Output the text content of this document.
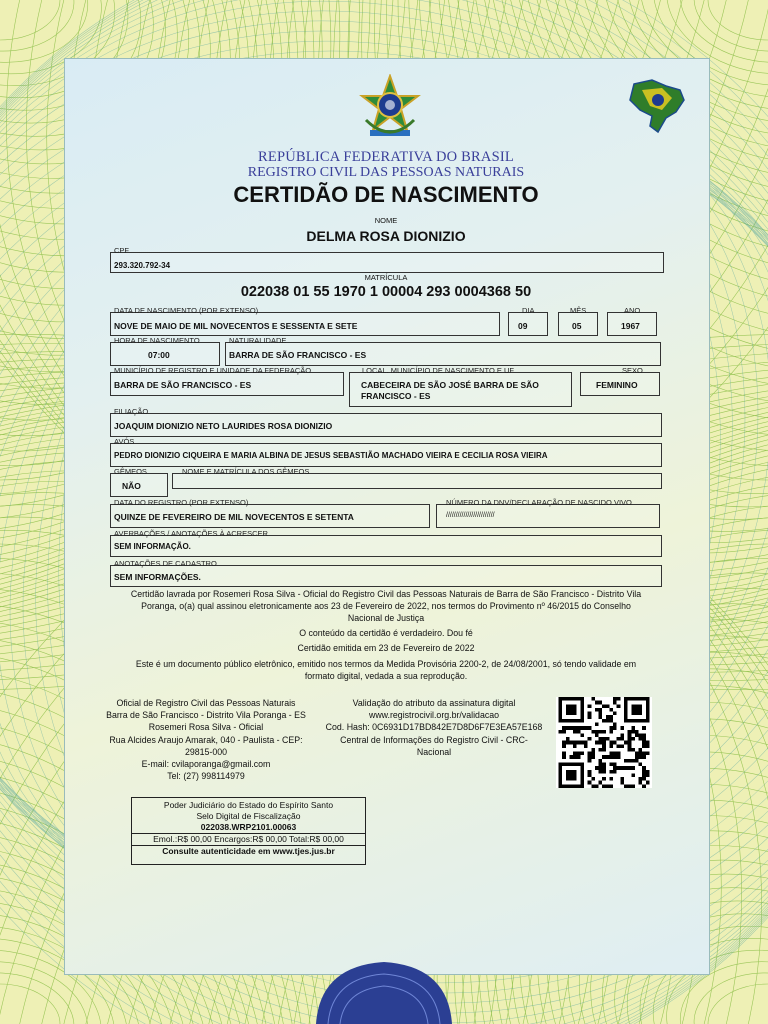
REPÚBLICA FEDERATIVA DO BRASIL
REGISTRO CIVIL DAS PESSOAS NATURAIS
CERTIDÃO DE NASCIMENTO
NOME
DELMA ROSA DIONIZIO
CPF
293.320.792-34
MATRÍCULA
022038 01 55 1970 1 00004 293 0004368 50
DATA DE NASCIMENTO (POR EXTENSO)
NOVE DE MAIO DE MIL NOVECENTOS E SESSENTA E SETE
DIA
09
MÊS
05
ANO
1967
HORA DE NASCIMENTO
07:00
NATURALIDADE
BARRA DE SÃO FRANCISCO - ES
MUNICÍPIO DE REGISTRO E UNIDADE DA FEDERAÇÃO
BARRA DE SÃO FRANCISCO - ES
LOCAL. MUNICÍPIO DE NASCIMENTO E UF
CABECEIRA DE SÃO JOSÉ BARRA DE SÃO
FRANCISCO - ES
SEXO
FEMININO
FILIAÇÃO
JOAQUIM DIONIZIO NETO LAURIDES ROSA DIONIZIO
AVÓS
PEDRO DIONIZIO CIQUEIRA E MARIA ALBINA DE JESUS SEBASTIÃO MACHADO VIEIRA E CECILIA ROSA VIEIRA
GÊMEOS
NÃO
NOME E MATRÍCULA DOS GÊMEOS
DATA DO REGISTRO (POR EXTENSO)
QUINZE DE FEVEREIRO DE MIL NOVECENTOS E SETENTA
NÚMERO DA DNV/DECLARAÇÃO DE NASCIDO VIVO
/////////////////////////
AVERBAÇÕES / ANOTAÇÕES À ACRESCER
SEM INFORMAÇÃO.
ANOTAÇÕES DE CADASTRO
SEM INFORMAÇÕES.
Certidão lavrada por Rosemeri Rosa Silva - Oficial do Registro Civil das Pessoas Naturais de Barra de São Francisco - Distrito Vila
Poranga, o(a) qual assinou eletronicamente aos 23 de Fevereiro de 2022, nos termos do Provimento nº 46/2015 do Conselho
Nacional de Justiça
O conteúdo da certidão é verdadeiro. Dou fé
Certidão emitida em 23 de Fevereiro de 2022
Este é um documento público eletrônico, emitido nos termos da Medida Provisória 2200-2, de 24/08/2001, só tendo validade em
formato digital, vedada a sua reprodução.
Oficial de Registro Civil das Pessoas Naturais
Barra de São Francisco - Distrito Vila Poranga - ES
Rosemeri Rosa Silva - Oficial
Rua Alcides Araujo Amarak, 040 - Paulista - CEP:
29815-000
E-mail: cvilaporanga@gmail.com
Tel: (27) 998114979
Validação do atributo da assinatura digital
www.registrocivil.org.br/validacao
Cod. Hash: 0C6931D17BD842E7D8D6F7E3EA57E168
Central de Informações do Registro Civil - CRC-
Nacional
Poder Judiciário do Estado do Espírito Santo
Selo Digital de Fiscalização
022038.WRP2101.00063
Emol.:R$ 00,00 Encargos:R$ 00,00 Total:R$ 00,00
Consulte autenticidade em www.tjes.jus.br
